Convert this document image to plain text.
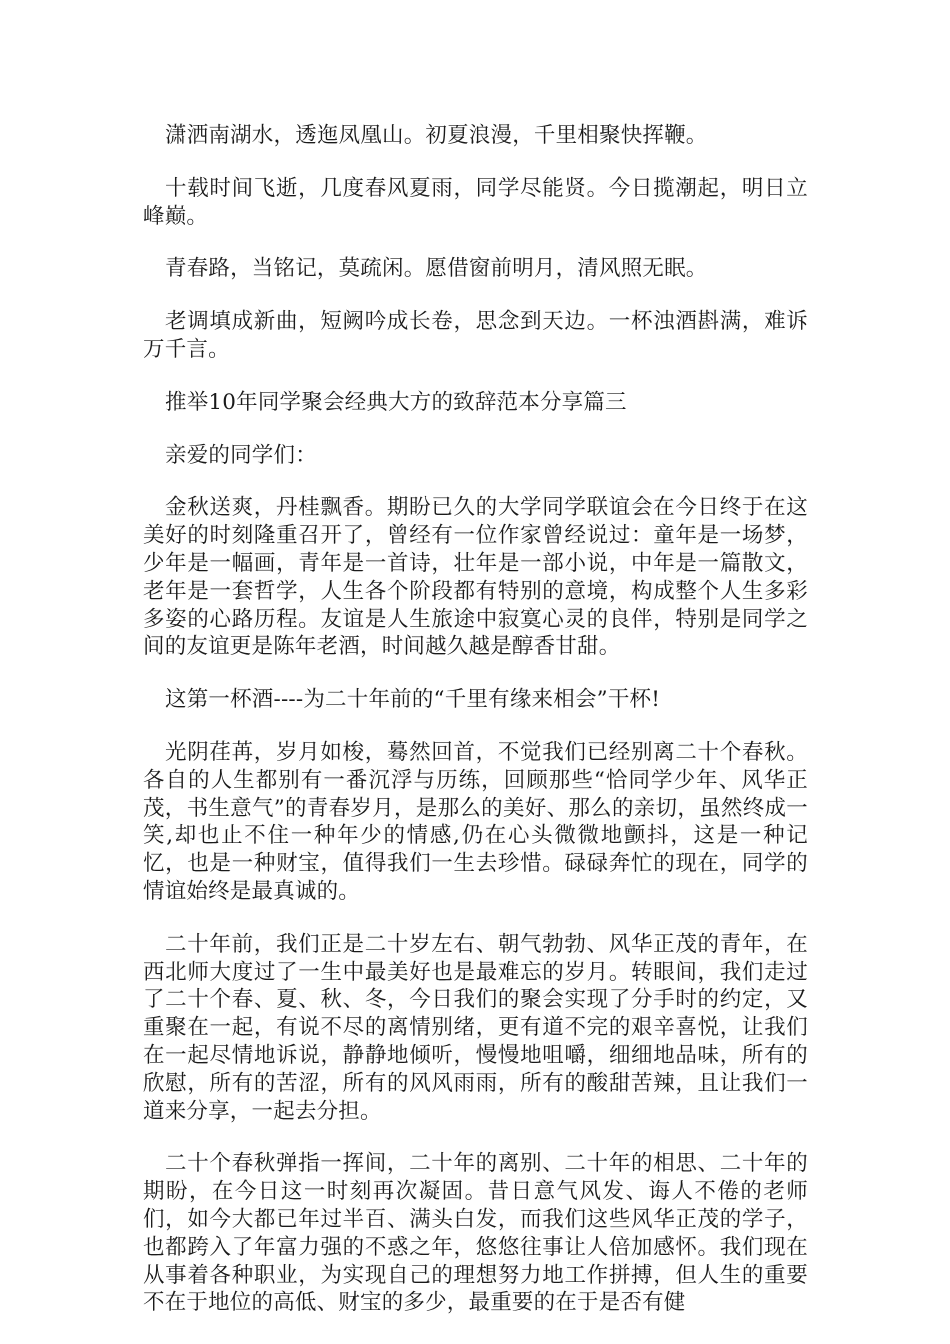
潇洒南湖水，透迤凤凰山。初夏浪漫，千里相聚快挥鞭。

十载时间飞逝，几度春风夏雨，同学尽能贤。今日揽潮起，明日立峰巅。

青春路，当铭记，莫疏闲。愿借窗前明月，清风照无眠。

老调填成新曲，短阙吟成长卷，思念到天边。一杯浊酒斟满，难诉万千言。

推举10年同学聚会经典大方的致辞范本分享篇三

亲爱的同学们：

金秋送爽，丹桂飘香。期盼已久的大学同学联谊会在今日终于在这美好的时刻隆重召开了，曾经有一位作家曾经说过：童年是一场梦，少年是一幅画，青年是一首诗，壮年是一部小说，中年是一篇散文，老年是一套哲学，人生各个阶段都有特别的意境，构成整个人生多彩多姿的心路历程。友谊是人生旅途中寂寞心灵的良伴，特别是同学之间的友谊更是陈年老酒，时间越久越是醇香甘甜。

这第一杯酒----为二十年前的“千里有缘来相会”干杯!

光阴荏苒，岁月如梭，蓦然回首，不觉我们已经别离二十个春秋。各自的人生都别有一番沉浮与历练，回顾那些“恰同学少年、风华正茂，书生意气”的青春岁月，是那么的美好、那么的亲切，虽然终成一笑,却也止不住一种年少的情感,仍在心头微微地颤抖，这是一种记忆，也是一种财宝，值得我们一生去珍惜。碌碌奔忙的现在，同学的情谊始终是最真诚的。

二十年前，我们正是二十岁左右、朝气勃勃、风华正茂的青年，在西北师大度过了一生中最美好也是最难忘的岁月。转眼间，我们走过了二十个春、夏、秋、冬，今日我们的聚会实现了分手时的约定，又重聚在一起，有说不尽的离情别绪，更有道不完的艰辛喜悦，让我们在一起尽情地诉说，静静地倾听，慢慢地咀嚼，细细地品味，所有的欣慰，所有的苦涩，所有的风风雨雨，所有的酸甜苦辣，且让我们一道来分享，一起去分担。

二十个春秋弹指一挥间，二十年的离别、二十年的相思、二十年的期盼，在今日这一时刻再次凝固。昔日意气风发、诲人不倦的老师们，如今大都已年过半百、满头白发，而我们这些风华正茂的学子，也都跨入了年富力强的不惑之年，悠悠往事让人倍加感怀。我们现在从事着各种职业，为实现自己的理想努力地工作拼搏，但人生的重要不在于地位的高低、财宝的多少，最重要的在于是否有健
